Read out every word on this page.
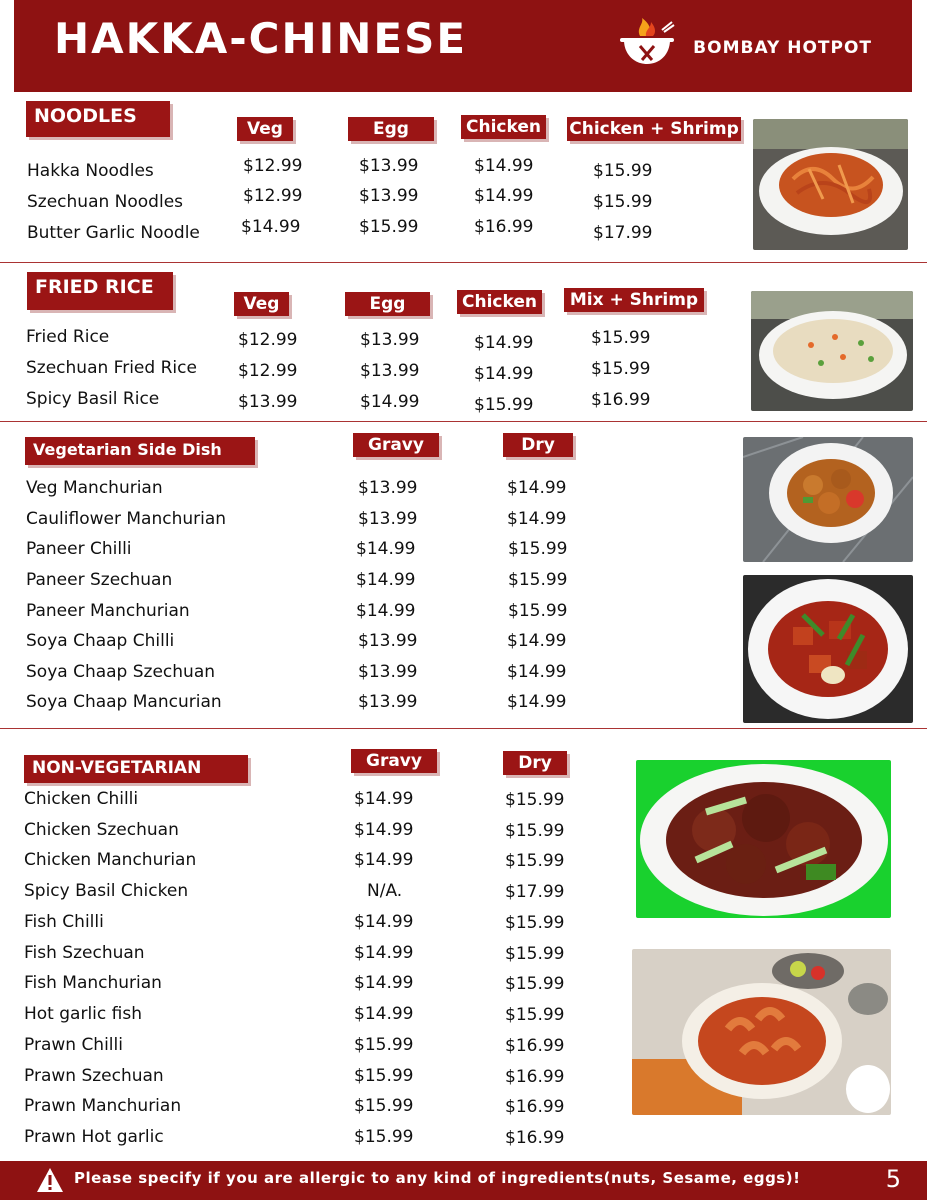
HAKKA-CHINESE	BOMBAY HOTPOT
NOODLES
Veg	Egg	Chicken Chicken + Shrimp
Hakka Noodles	$12.99	$13.99	$14.99	$15.99
Szechuan Noodles	$12.99	$13.99	$14.99	$15.99
Butter Garlic Noodle $14.99	$15.99	$16.99	$17.99
FRIED RICE
Veg	Egg	Chicken	Mix + Shrimp
Fried Rice	$12.99	$13.99	$14.99	$15.99
Szechuan Fried Rice $12.99	$13.99	$14.99	$15.99
Spicy Basil Rice	$13.99	$14.99	$15.99	$16.99
Vegetarian Side Dish	Gravy	Dry
Veg Manchurian	$13.99	$14.99
Cauliflower Manchurian	$13.99	$14.99
Paneer Chilli	$14.99	$15.99
Paneer Szechuan	$14.99	$15.99
Paneer Manchurian	$14.99	$15.99
Soya Chaap Chilli	$13.99	$14.99
Soya Chaap Szechuan	$13.99	$14.99
Soya Chaap Mancurian	$13.99	$14.99
NON-VEGETARIAN	Gravy	Dry
Chicken Chilli	$14.99	$15.99
Chicken Szechuan	$14.99	$15.99
Chicken Manchurian	$14.99	$15.99
Spicy Basil Chicken	N/A.	$17.99
Fish Chilli	$14.99	$15.99
Fish Szechuan	$14.99	$15.99
Fish Manchurian	$14.99	$15.99
Hot garlic fish	$14.99	$15.99
Prawn Chilli	$15.99	$16.99
Prawn Szechuan	$15.99	$16.99
Prawn Manchurian	$15.99	$16.99
Prawn Hot garlic	$15.99	$16.99
Please specify if you are allergic to any kind of ingredients(nuts, Sesame, eggs)!	5
